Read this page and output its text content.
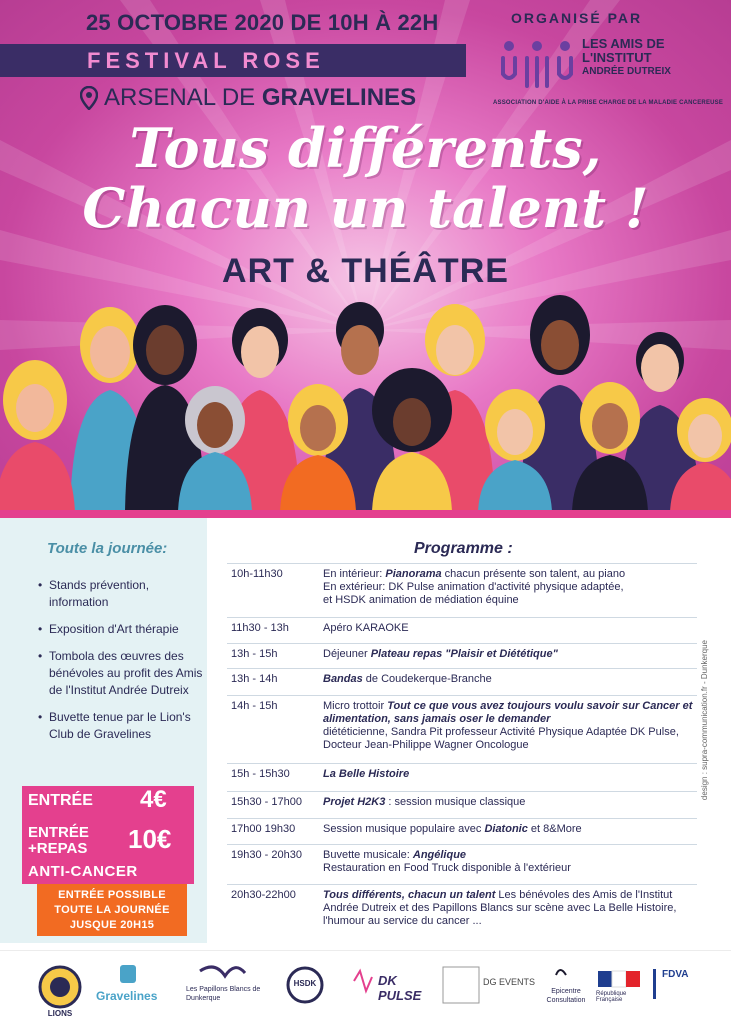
25 OCTOBRE 2020 DE 10H À 22H
FESTIVAL ROSE
ARSENAL DE GRAVELINES
ORGANISÉ PAR
LES AMIS DE
L'INSTITUT
ANDRÉE DUTREIX
ASSOCIATION D'AIDE À LA PRISE CHARGE DE LA MALADIE CANCEREUSE
Tous différents,
Chacun un talent !
ART & THÉÂTRE
Toute la journée:
• Stands prévention, information
• Exposition d'Art thérapie
• Tombola des œuvres des bénévoles au profit des Amis de l'Institut Andrée Dutreix
• Buvette tenue par le Lion's Club de Gravelines
ENTRÉE 4€
ENTRÉE
+REPAS 10€
ANTI-CANCER
ENTRÉE POSSIBLE
TOUTE LA JOURNÉE
JUSQUE 20H15
Programme :
10h-11h30	En intérieur: Pianorama chacun présente son talent, au piano
En extérieur: DK Pulse animation d'activité physique adaptée,
et HSDK animation de médiation équine
11h30 - 13h	Apéro KARAOKE
13h - 15h	Déjeuner Plateau repas "Plaisir et Diététique"
13h - 14h	Bandas de Coudekerque-Branche
14h - 15h	Micro trottoir Tout ce que vous avez toujours voulu savoir sur Cancer et alimentation, sans jamais oser le demander
diététicienne, Sandra Pit professeur Activité Physique Adaptée DK Pulse,
Docteur Jean-Philippe Wagner Oncologue
15h - 15h30	La Belle Histoire
15h30 - 17h00 Projet H2K3 : session musique classique
17h00 19h30	Session musique populaire avec Diatonic et 8&More
19h30 - 20h30 Buvette musicale: Angélique
Restauration en Food Truck disponible à l'extérieur
20h30-22h00 Tous différents, chacun un talent Les bénévoles des Amis de l'Institut Andrée Dutreix et des Papillons Blancs sur scène avec La Belle Histoire, l'humour au service du cancer ...
design : supra-communication.fr - Dunkerque
LIONS
Gravelines	Les Papillons Blancs de Dunkerque
HSDK	DK PULSE
DG EVENTS
Epicentre Consultation
République Française
FDVA
